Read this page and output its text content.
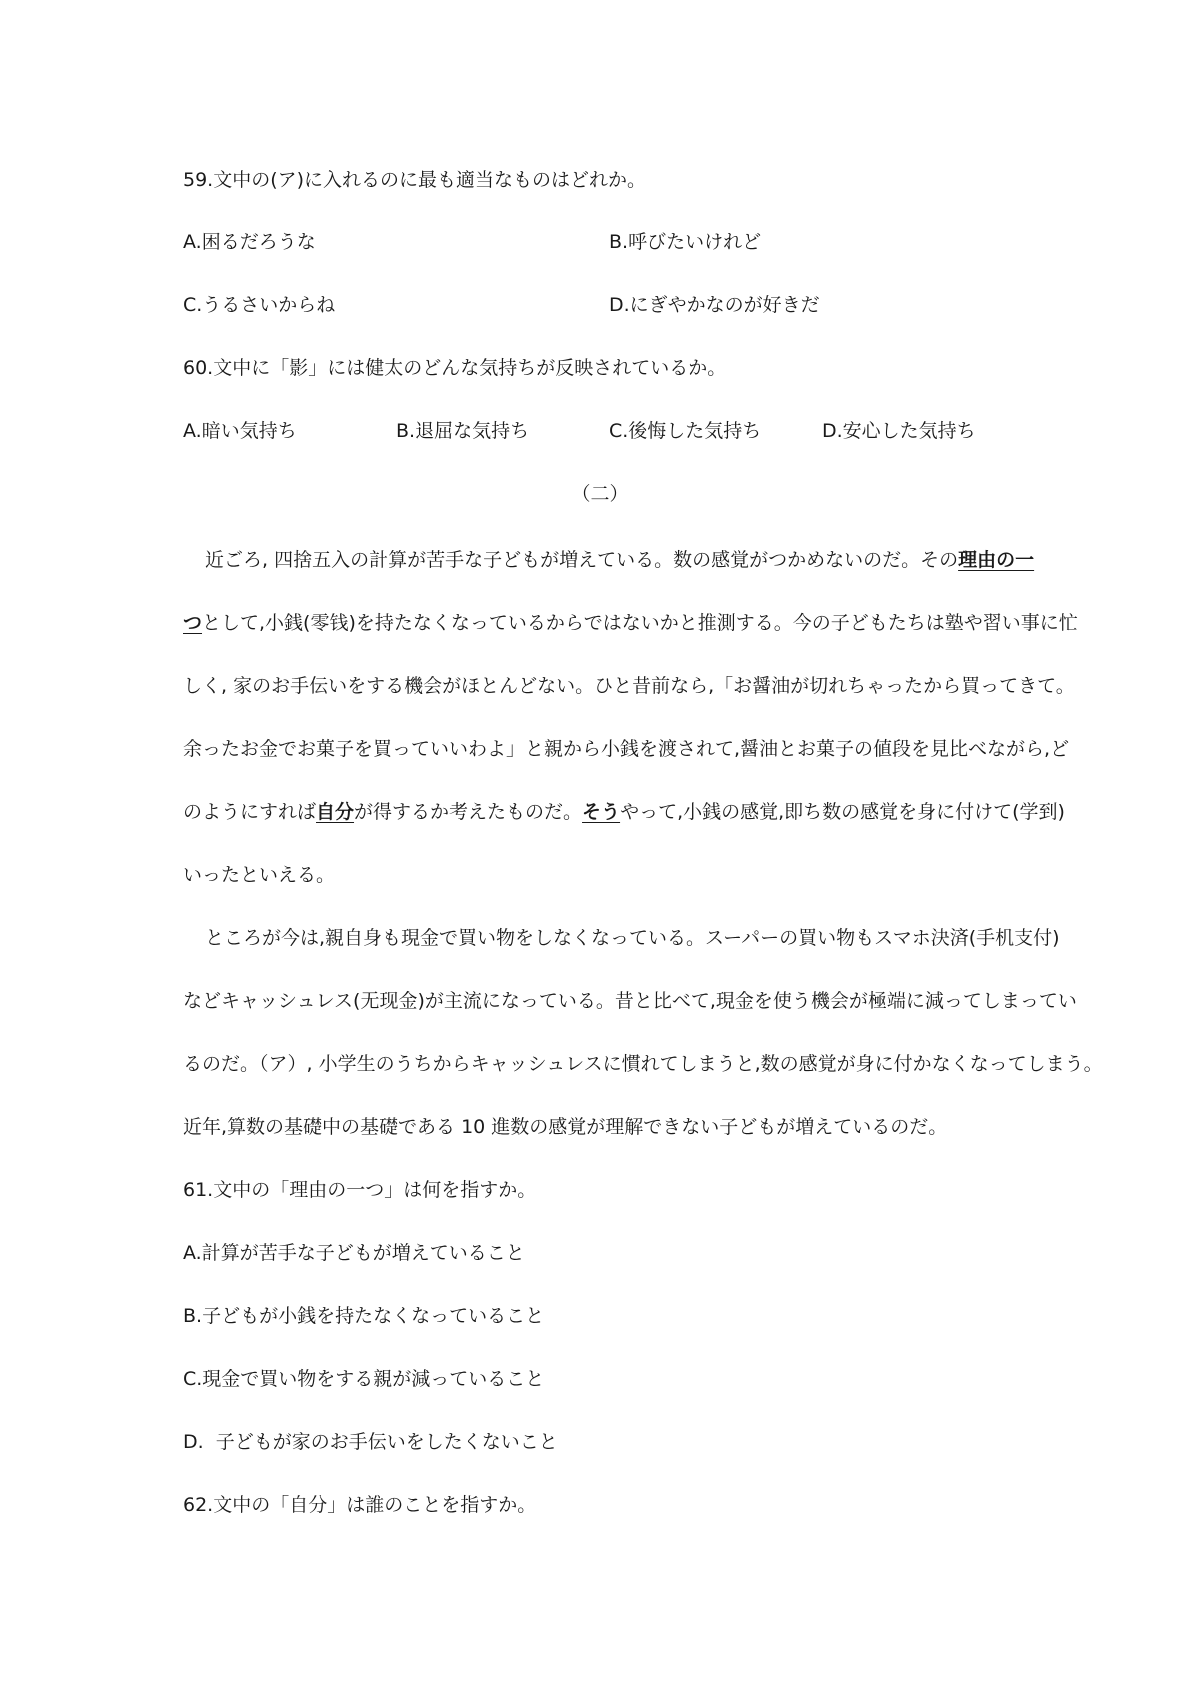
59.文中の(ア)に入れるのに最も適当なものはどれか。
A.困るだろうな	B.呼びたいけれど
C.うるさいからね	D.にぎやかなのが好きだ
60.文中に「影」には健太のどんな気持ちが反映されているか。
A.暗い気持ち	B.退屈な気持ち	C.後悔した気持ち	D.安心した気持ち
（二）
近ごろ, 四捨五入の計算が苦手な子どもが増えている。数の感覚がつかめないのだ。その理由の一
つとして,小銭(零钱)を持たなくなっているからではないかと推測する。今の子どもたちは塾や習い事に忙
しく, 家のお手伝いをする機会がほとんどない。ひと昔前なら,「お醤油が切れちゃったから買ってきて。
余ったお金でお菓子を買っていいわよ」と親から小銭を渡されて,醤油とお菓子の値段を見比べながら,ど
のようにすれば自分が得するか考えたものだ。そうやって,小銭の感覚,即ち数の感覚を身に付けて(学到)
いったといえる。
ところが今は,親自身も現金で買い物をしなくなっている。スーパーの買い物もスマホ決済(手机支付)
などキャッシュレス(无现金)が主流になっている。昔と比べて,現金を使う機会が極端に減ってしまってい
るのだ。（ア）, 小学生のうちからキャッシュレスに慣れてしまうと,数の感覚が身に付かなくなってしまう。
近年,算数の基礎中の基礎である 10 進数の感覚が理解できない子どもが増えているのだ。
61.文中の「理由の一つ」は何を指すか。
A.計算が苦手な子どもが増えていること
B.子どもが小銭を持たなくなっていること
C.現金で買い物をする親が減っていること
D.  子どもが家のお手伝いをしたくないこと
62.文中の「自分」は誰のことを指すか。
